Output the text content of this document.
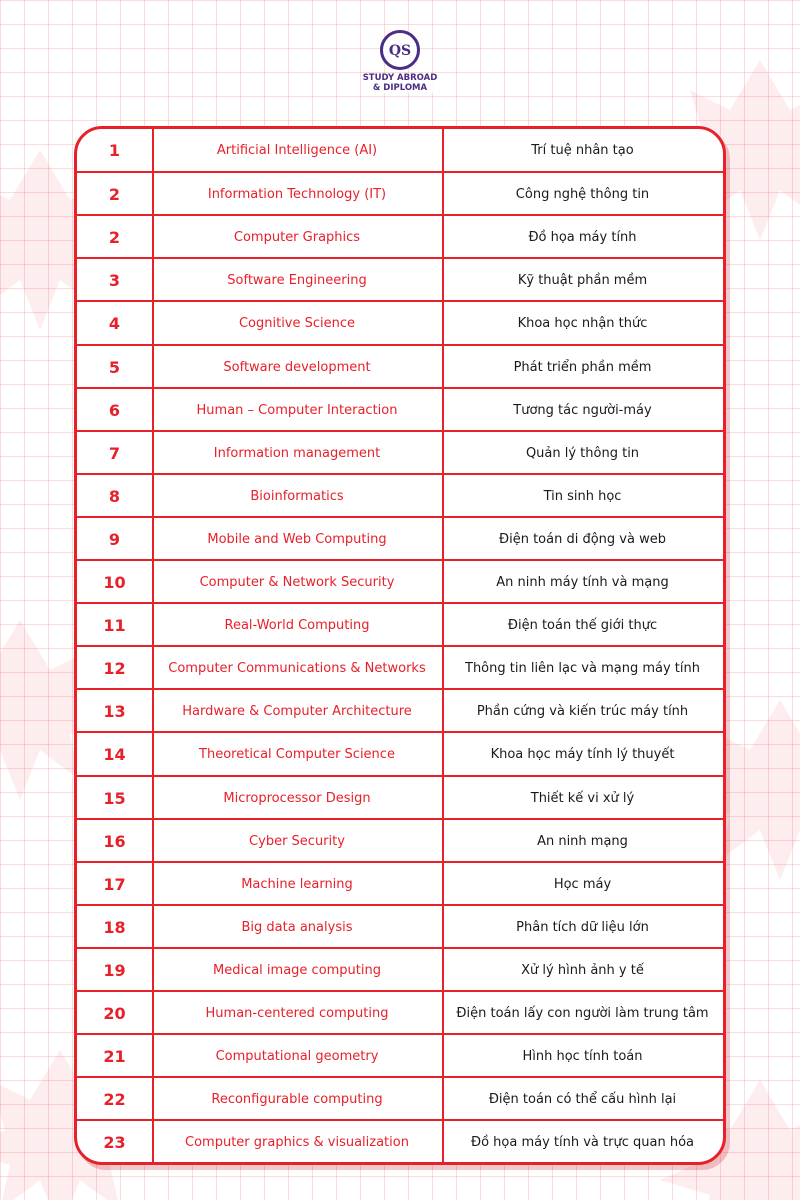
QS
STUDY ABROAD
& DIPLOMA
1	Artificial Intelligence (AI)	Trí tuệ nhân tạo
2	Information Technology (IT)	Công nghệ thông tin
2	Computer Graphics	Đồ họa máy tính
3	Software Engineering	Kỹ thuật phần mềm
4	Cognitive Science	Khoa học nhận thức
5	Software development	Phát triển phần mềm
6	Human – Computer Interaction	Tương tác người-máy
7	Information management	Quản lý thông tin
8	Bioinformatics	Tin sinh học
9	Mobile and Web Computing	Điện toán di động và web
10	Computer & Network Security	An ninh máy tính và mạng
11	Real-World Computing	Điện toán thế giới thực
12	Computer Communications & Networks	Thông tin liên lạc và mạng máy tính
13	Hardware & Computer Architecture	Phần cứng và kiến trúc máy tính
14	Theoretical Computer Science	Khoa học máy tính lý thuyết
15	Microprocessor Design	Thiết kế vi xử lý
16	Cyber Security	An ninh mạng
17	Machine learning	Học máy
18	Big data analysis	Phân tích dữ liệu lớn
19	Medical image computing	Xử lý hình ảnh y tế
20	Human-centered computing	Điện toán lấy con người làm trung tâm
21	Computational geometry	Hình học tính toán
22	Reconfigurable computing	Điện toán có thể cấu hình lại
23	Computer graphics & visualization	Đồ họa máy tính và trực quan hóa
